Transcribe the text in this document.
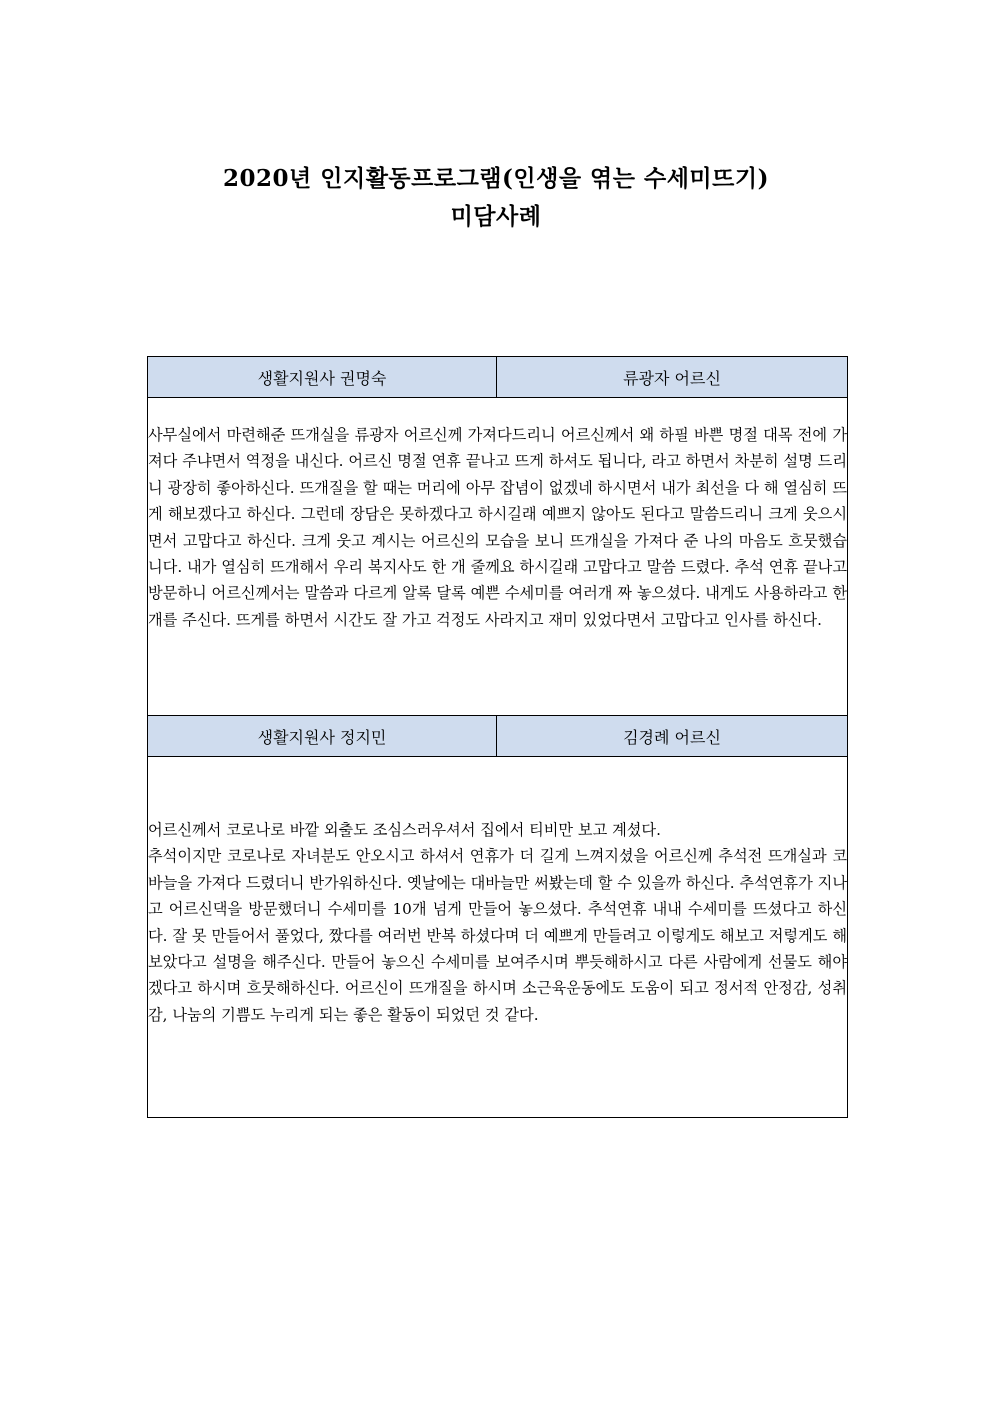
2020년 인지활동프로그램(인생을 엮는 수세미뜨기)
미담사례
생활지원사 권명숙	류광자 어르신

사무실에서 마련해준 뜨개실을 류광자 어르신께 가져다드리니 어르신께서 왜 하필 바쁜 명절 대목 전에 가져다 주냐면서 역정을 내신다. 어르신 명절 연휴 끝나고 뜨게 하셔도 됩니다, 라고 하면서 차분히 설명 드리니 광장히 좋아하신다. 뜨개질을 할 때는 머리에 아무 잡념이 없겠네 하시면서 내가 최선을 다 해 열심히 뜨게 해보겠다고 하신다. 그런데 장담은 못하겠다고 하시길래 예쁘지 않아도 된다고 말씀드리니 크게 웃으시면서 고맙다고 하신다. 크게 웃고 계시는 어르신의 모습을 보니 뜨개실을 가져다 준 나의 마음도 흐뭇했습니다. 내가 열심히 뜨개해서 우리 복지사도 한 개 줄께요 하시길래 고맙다고 말씀 드렸다. 추석 연휴 끝나고 방문하니 어르신께서는 말씀과 다르게 알록 달록 예쁜 수세미를 여러개 짜 놓으셨다. 내게도 사용하라고 한 개를 주신다. 뜨게를 하면서 시간도 잘 가고 걱정도 사라지고 재미 있었다면서 고맙다고 인사를 하신다.	

생활지원사 정지민	김경례 어르신

어르신께서 코로나로 바깥 외출도 조심스러우셔서 집에서 티비만 보고 계셨다.

추석이지만 코로나로 자녀분도 안오시고 하셔서 연휴가 더 길게 느껴지셨을 어르신께 추석전 뜨개실과 코바늘을 가져다 드렸더니 반가워하신다. 옛날에는 대바늘만 써봤는데 할 수 있을까 하신다. 추석연휴가 지나고 어르신댁을 방문했더니 수세미를 10개 넘게 만들어 놓으셨다. 추석연휴 내내 수세미를 뜨셨다고 하신다. 잘 못 만들어서 풀었다, 짰다를 여러번 반복 하셨다며 더 예쁘게 만들려고 이렇게도 해보고 저렇게도 해 보았다고 설명을 해주신다. 만들어 놓으신 수세미를 보여주시며 뿌듯해하시고 다른 사람에게 선물도 해야겠다고 하시며 흐뭇해하신다. 어르신이 뜨개질을 하시며 소근육운동에도 도움이 되고 정서적 안정감, 성취감, 나눔의 기쁨도 누리게 되는 좋은 활동이 되었던 것 같다.	
